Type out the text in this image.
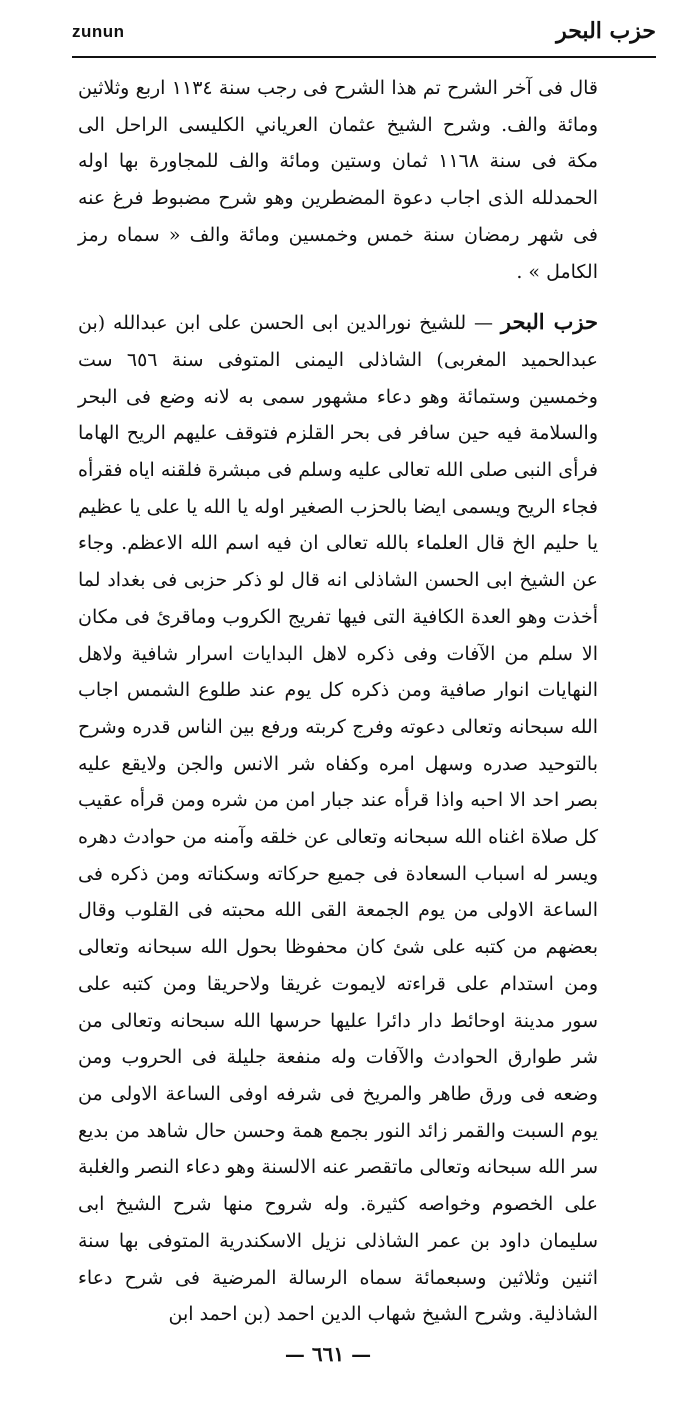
zunun	حزب البحر

قال فى آخر الشرح تم هذا الشرح فى رجب سنة ١١٣٤ اربع وثلاثين ومائة والف. وشرح الشيخ عثمان العرياني الكليسى الراحل الى مكة فى سنة ١١٦٨ ثمان وستين ومائة والف للمجاورة بها اوله الحمدلله الذى اجاب دعوة المضطرين وهو شرح مضبوط فرغ عنه فى شهر رمضان سنة خمس وخمسين ومائة والف « سماه رمز الكامل » .

حزب البحر — للشيخ نورالدين ابى الحسن على ابن عبدالله (بن عبدالحميد المغربى) الشاذلى اليمنى المتوفى سنة ٦٥٦ ست وخمسين وستمائة وهو دعاء مشهور سمى به لانه وضع فى البحر والسلامة فيه حين سافر فى بحر القلزم فتوقف عليهم الريح الهاما فرأى النبى صلى الله تعالى عليه وسلم فى مبشرة فلقنه اياه فقرأه فجاء الريح ويسمى ايضا بالحزب الصغير اوله يا الله يا على يا عظيم يا حليم الخ قال العلماء بالله تعالى ان فيه اسم الله الاعظم. وجاء عن الشيخ ابى الحسن الشاذلى انه قال لو ذكر حزبى فى بغداد لما أخذت وهو العدة الكافية التى فيها تفريج الكروب وماقرئ فى مكان الا سلم من الآفات وفى ذكره لاهل البدايات اسرار شافية ولاهل النهايات انوار صافية ومن ذكره كل يوم عند طلوع الشمس اجاب الله سبحانه وتعالى دعوته وفرج كربته ورفع بين الناس قدره وشرح بالتوحيد صدره وسهل امره وكفاه شر الانس والجن ولايقع عليه بصر احد الا احبه واذا قرأه عند جبار امن من شره ومن قرأه عقيب كل صلاة اغناه الله سبحانه وتعالى عن خلقه وآمنه من حوادث دهره ويسر له اسباب السعادة فى جميع حركاته وسكناته ومن ذكره فى الساعة الاولى من يوم الجمعة القى الله محبته فى القلوب وقال بعضهم من كتبه على شئ كان محفوظا بحول الله سبحانه وتعالى ومن استدام على قراءته لايموت غريقا ولاحريقا ومن كتبه على سور مدينة اوحائط دار دائرا عليها حرسها الله سبحانه وتعالى من شر طوارق الحوادث والآفات وله منفعة جليلة فى الحروب ومن وضعه فى ورق طاهر والمريخ فى شرفه اوفى الساعة الاولى من يوم السبت والقمر زائد النور بجمع همة وحسن حال شاهد من بديع سر الله سبحانه وتعالى ماتقصر عنه الالسنة وهو دعاء النصر والغلبة على الخصوم وخواصه كثيرة. وله شروح منها شرح الشيخ ابى سليمان داود بن عمر الشاذلى نزيل الاسكندرية المتوفى بها سنة اثنين وثلاثين وسبعمائة سماه الرسالة المرضية فى شرح دعاء الشاذلية. وشرح الشيخ شهاب الدين احمد (بن احمد ابن

— ٦٦١ —
